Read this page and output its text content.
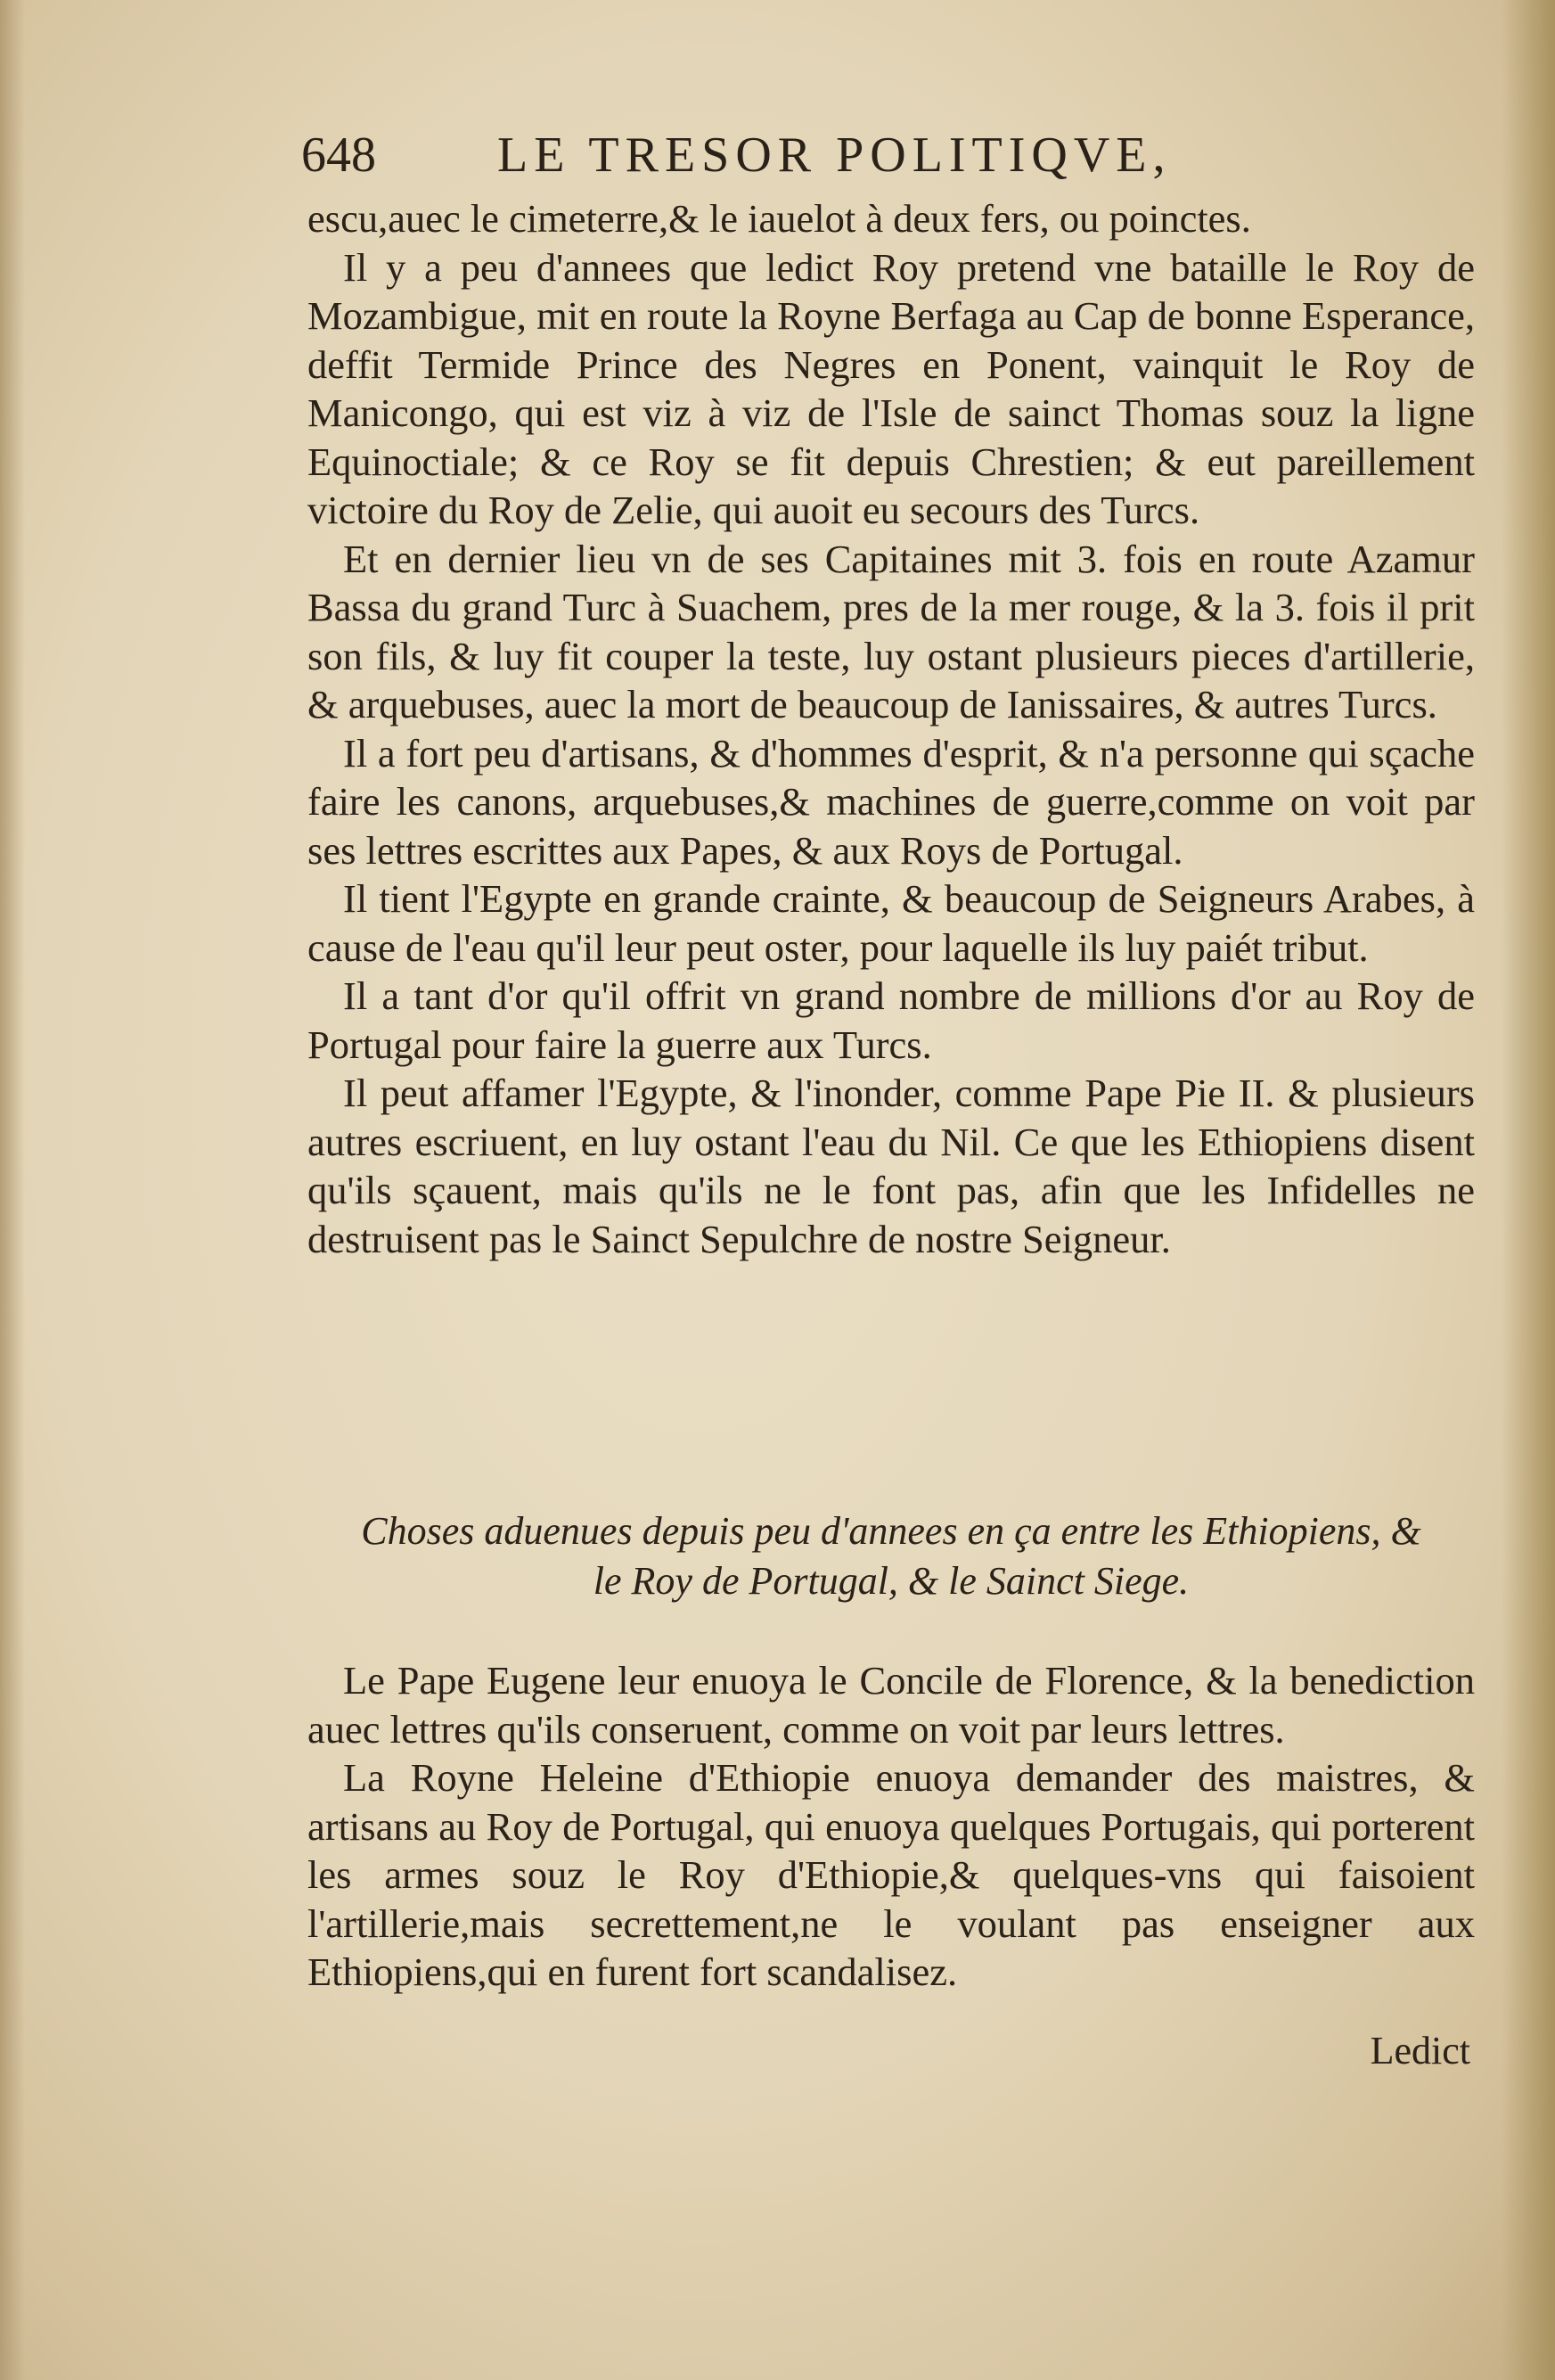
648 LE TRESOR POLITIQVE,

escu,auec le cimeterre,& le iauelot à deux fers, ou poinctes.

Il y a peu d'annees que ledict Roy pretend vne bataille le Roy de Mozambigue, mit en route la Royne Berfaga au Cap de bonne Esperance, deffit Termide Prince des Negres en Ponent, vainquit le Roy de Manicongo, qui est viz à viz de l'Isle de sainct Thomas souz la ligne Equinoctiale; & ce Roy se fit depuis Chrestien; & eut pareillement victoire du Roy de Zelie, qui auoit eu secours des Turcs.

Et en dernier lieu vn de ses Capitaines mit 3. fois en route Azamur Bassa du grand Turc à Suachem, pres de la mer rouge, & la 3. fois il prit son fils, & luy fit couper la teste, luy ostant plusieurs pieces d'artillerie, & arquebuses, auec la mort de beaucoup de Ianissaires, & autres Turcs.

Il a fort peu d'artisans, & d'hommes d'esprit, & n'a personne qui sçache faire les canons, arquebuses,& machines de guerre,comme on voit par ses lettres escrittes aux Papes, & aux Roys de Portugal.

Il tient l'Egypte en grande crainte, & beaucoup de Seigneurs Arabes, à cause de l'eau qu'il leur peut oster, pour laquelle ils luy paiét tribut.

Il a tant d'or qu'il offrit vn grand nombre de millions d'or au Roy de Portugal pour faire la guerre aux Turcs.

Il peut affamer l'Egypte, & l'inonder, comme Pape Pie II. & plusieurs autres escriuent, en luy ostant l'eau du Nil. Ce que les Ethiopiens disent qu'ils sçauent, mais qu'ils ne le font pas, afin que les Infidelles ne destruisent pas le Sainct Sepulchre de nostre Seigneur.

Choses aduenues depuis peu d'annees en ça entre les Ethiopiens, &
le Roy de Portugal, & le Sainct Siege.

Le Pape Eugene leur enuoya le Concile de Florence, & la benediction auec lettres qu'ils conseruent, comme on voit par leurs lettres.

La Royne Heleine d'Ethiopie enuoya demander des maistres, & artisans au Roy de Portugal, qui enuoya quelques Portugais, qui porterent les armes souz le Roy d'Ethiopie,& quelques-vns qui faisoient l'artillerie,mais secrettement,ne le voulant pas enseigner aux Ethiopiens,qui en furent fort scandalisez.

Ledict
